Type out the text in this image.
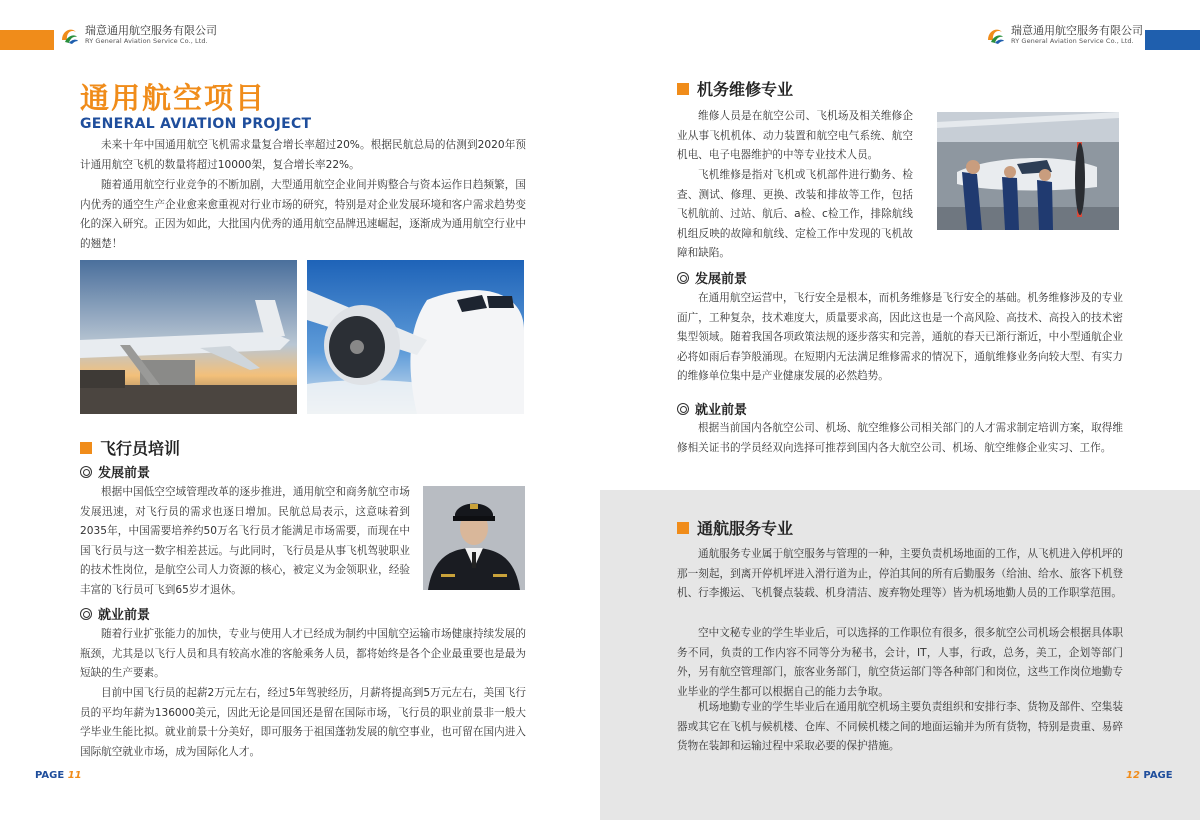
瑞意通用航空服务有限公司
RY General Aviation Service Co., Ltd.
瑞意通用航空服务有限公司
RY General Aviation Service Co., Ltd.
通用航空项目
GENERAL AVIATION PROJECT
未来十年中国通用航空飞机需求量复合增长率超过20%。根据民航总局的估测到2020年预计通用航空飞机的数量将超过10000架，复合增长率22%。
随着通用航空行业竞争的不断加剧，大型通用航空企业间并购整合与资本运作日趋频繁，国内优秀的通空生产企业愈来愈重视对行业市场的研究，特别是对企业发展环境和客户需求趋势变化的深入研究。正因为如此，大批国内优秀的通用航空品牌迅速崛起，逐渐成为通用航空行业中的翘楚！
飞行员培训
发展前景
根据中国低空空域管理改革的逐步推进，通用航空和商务航空市场发展迅速，对飞行员的需求也逐日增加。民航总局表示，这意味着到2035年，中国需要培养约50万名飞行员才能满足市场需要，而现在中国飞行员与这一数字相差甚远。与此同时，飞行员是从事飞机驾驶职业的技术性岗位，是航空公司人力资源的核心，被定义为金领职业，经验丰富的飞行员可飞到65岁才退休。
就业前景
随着行业扩张能力的加快，专业与使用人才已经成为制约中国航空运输市场健康持续发展的瓶颈，尤其是以飞行人员和具有较高水准的客舱乘务人员，都将始终是各个企业最重要也是最为短缺的生产要素。
目前中国飞行员的起薪2万元左右，经过5年驾驶经历，月薪将提高到5万元左右，美国飞行员的平均年薪为136000美元，因此无论是回国还是留在国际市场，飞行员的职业前景非一般大学毕业生能比拟。就业前景十分美好，即可服务于祖国蓬勃发展的航空事业，也可留在国内进入国际航空就业市场，成为国际化人才。
PAGE 11
机务维修专业
维修人员是在航空公司、飞机场及相关维修企业从事飞机机体、动力装置和航空电气系统、航空机电、电子电器维护的中等专业技术人员。
飞机维修是指对飞机或飞机部件进行勤务、检查、测试、修理、更换、改装和排故等工作，包括飞机航前、过站、航后、a检、c检工作，排除航线机组反映的故障和航线、定检工作中发现的飞机故障和缺陷。
发展前景
在通用航空运营中，飞行安全是根本，而机务维修是飞行安全的基础。机务维修涉及的专业面广，工种复杂，技术难度大，质量要求高，因此这也是一个高风险、高技术、高投入的技术密集型领域。随着我国各项政策法规的逐步落实和完善，通航的春天已渐行渐近，中小型通航企业必将如雨后春笋般涌现。在短期内无法满足维修需求的情况下，通航维修业务向较大型、有实力的维修单位集中是产业健康发展的必然趋势。
就业前景
根据当前国内各航空公司、机场、航空维修公司相关部门的人才需求制定培训方案，取得维修相关证书的学员经双向选择可推荐到国内各大航空公司、机场、航空维修企业实习、工作。
通航服务专业
通航服务专业属于航空服务与管理的一种，主要负责机场地面的工作，从飞机进入停机坪的那一刻起，到离开停机坪进入滑行道为止，停泊其间的所有后勤服务（给油、给水、旅客下机登机、行李搬运、飞机餐点装载、机身清洁、废弃物处理等）皆为机场地勤人员的工作职掌范围。
空中文秘专业的学生毕业后，可以选择的工作职位有很多，很多航空公司机场会根据具体职务不同，负责的工作内容不同等分为秘书，会计，IT，人事，行政，总务，美工，企划等部门外，另有航空管理部门，旅客业务部门，航空货运部门等各种部门和岗位，这些工作岗位地勤专业毕业的学生都可以根据自己的能力去争取。
机场地勤专业的学生毕业后在通用航空机场主要负责组织和安排行李、货物及部件、空集装器或其它在飞机与候机楼、仓库、不同候机楼之间的地面运输并为所有货物，特别是贵重、易碎货物在装卸和运输过程中采取必要的保护措施。
12 PAGE
